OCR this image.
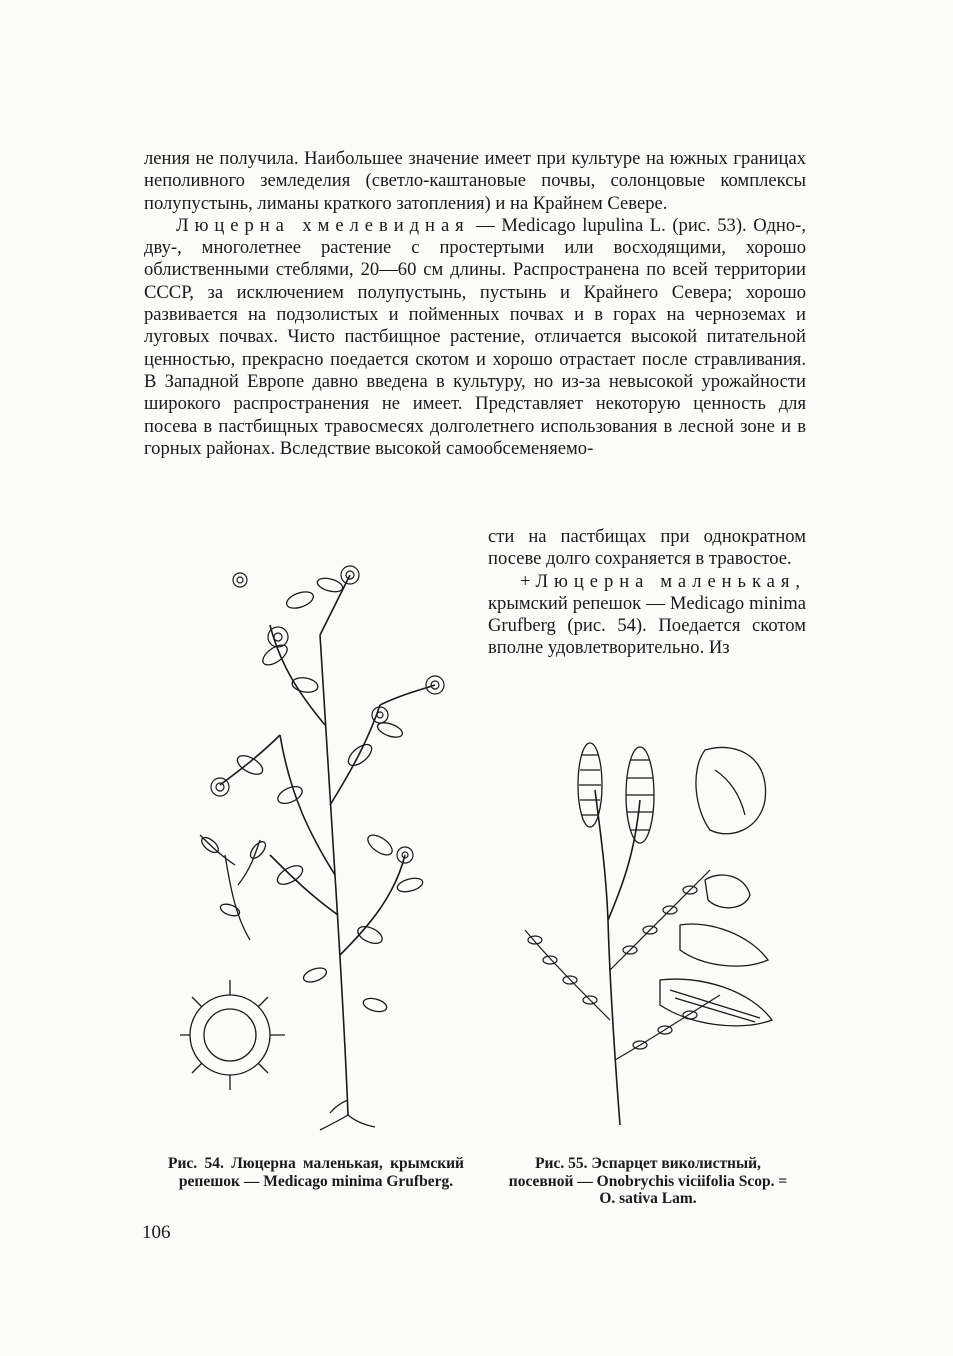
ления не получила. Наибольшее значение имеет при культуре на южных границах неполивного земледелия (светло-каштановые почвы, солонцовые комплексы полупустынь, лиманы краткого затопления) и на Крайнем Севере.

Люцерна хмелевидная — Medicago lupulina L. (рис. 53). Одно-, дву-, многолетнее растение с простертыми или восходящими, хорошо облиственными стеблями, 20—60 см длины. Распространена по всей территории СССР, за исключением полупустынь, пустынь и Крайнего Севера; хорошо развивается на подзолистых и пойменных почвах и в горах на черноземах и луговых почвах. Чисто пастбищное растение, отличается высокой питательной ценностью, прекрасно поедается скотом и хорошо отрастает после стравливания. В Западной Европе давно введена в культуру, но из-за невысокой урожайности широкого распространения не имеет. Представляет некоторую ценность для посева в пастбищных травосмесях долголетнего использования в лесной зоне и в горных районах. Вследствие высокой самообсеменяемо-

сти на пастбищах при однократном посеве долго сохраняется в травостое.

+ Люцерна маленькая, крымский репешок — Medicago minima Grufberg (рис. 54). Поедается скотом вполне удовлетворительно. Из

Рис. 54. Люцерна маленькая, крымский репешок — Medicago minima Grufberg.
Рис. 55. Эспарцет виколистный, посевной — Onobrychis viciifolia Scop. = O. sativa Lam.
106
